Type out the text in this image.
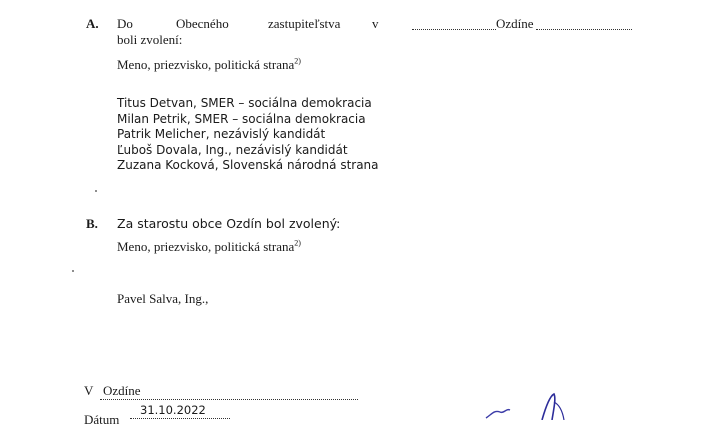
A. Do	Obecného	zastupiteľstva v	Ozdíne
boli zvolení:
Meno, priezvisko, politická strana$^{2)}$
Titus Detvan, SMER – sociálna demokracia
Milan Petrik, SMER – sociálna demokracia
Patrik Melicher, nezávislý kandidát
Ľuboš Dovala, Ing., nezávislý kandidát
Zuzana Kocková, Slovenská národná strana
B. Za starostu obce Ozdín bol zvolený:
Meno, priezvisko, politická strana$^{2)}$
Pavel Salva, Ing.,
V Ozdíne
31.10.2022
Dátum
